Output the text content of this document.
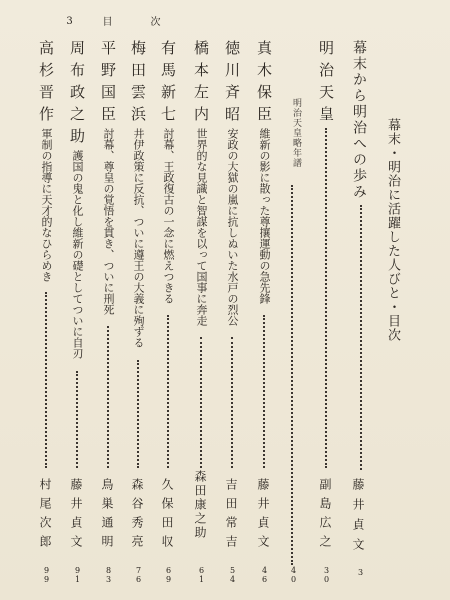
幕末・明治に活躍した人びと・目次
幕末から明治への歩み
藤井貞文
3
明治天皇略年譜
40
明治天皇
副島広之
30
真木保臣
維新の影に散った尊攘運動の急先鋒
藤井貞文
46
徳川斉昭
安政の大獄の嵐に抗しぬいた水戸の烈公
吉田常吉
54
橋本左内
世界的な見識と智謀を以って国事に奔走
森田康之助
61
有馬新七
討幕、王政復古の一念に燃えつきる
久保田収
69
梅田雲浜
井伊政策に反抗、ついに遵王の大義に殉ずる
森谷秀亮
76
平野国臣
討幕、尊皇の覚悟を貫き、ついに刑死
鳥巣通明
83
周布政之助
護国の鬼と化し維新の礎としてついに自刃
藤井貞文
91
高杉晋作
軍制の指導に天才的なひらめき
村尾次郎
99
3	目	次
